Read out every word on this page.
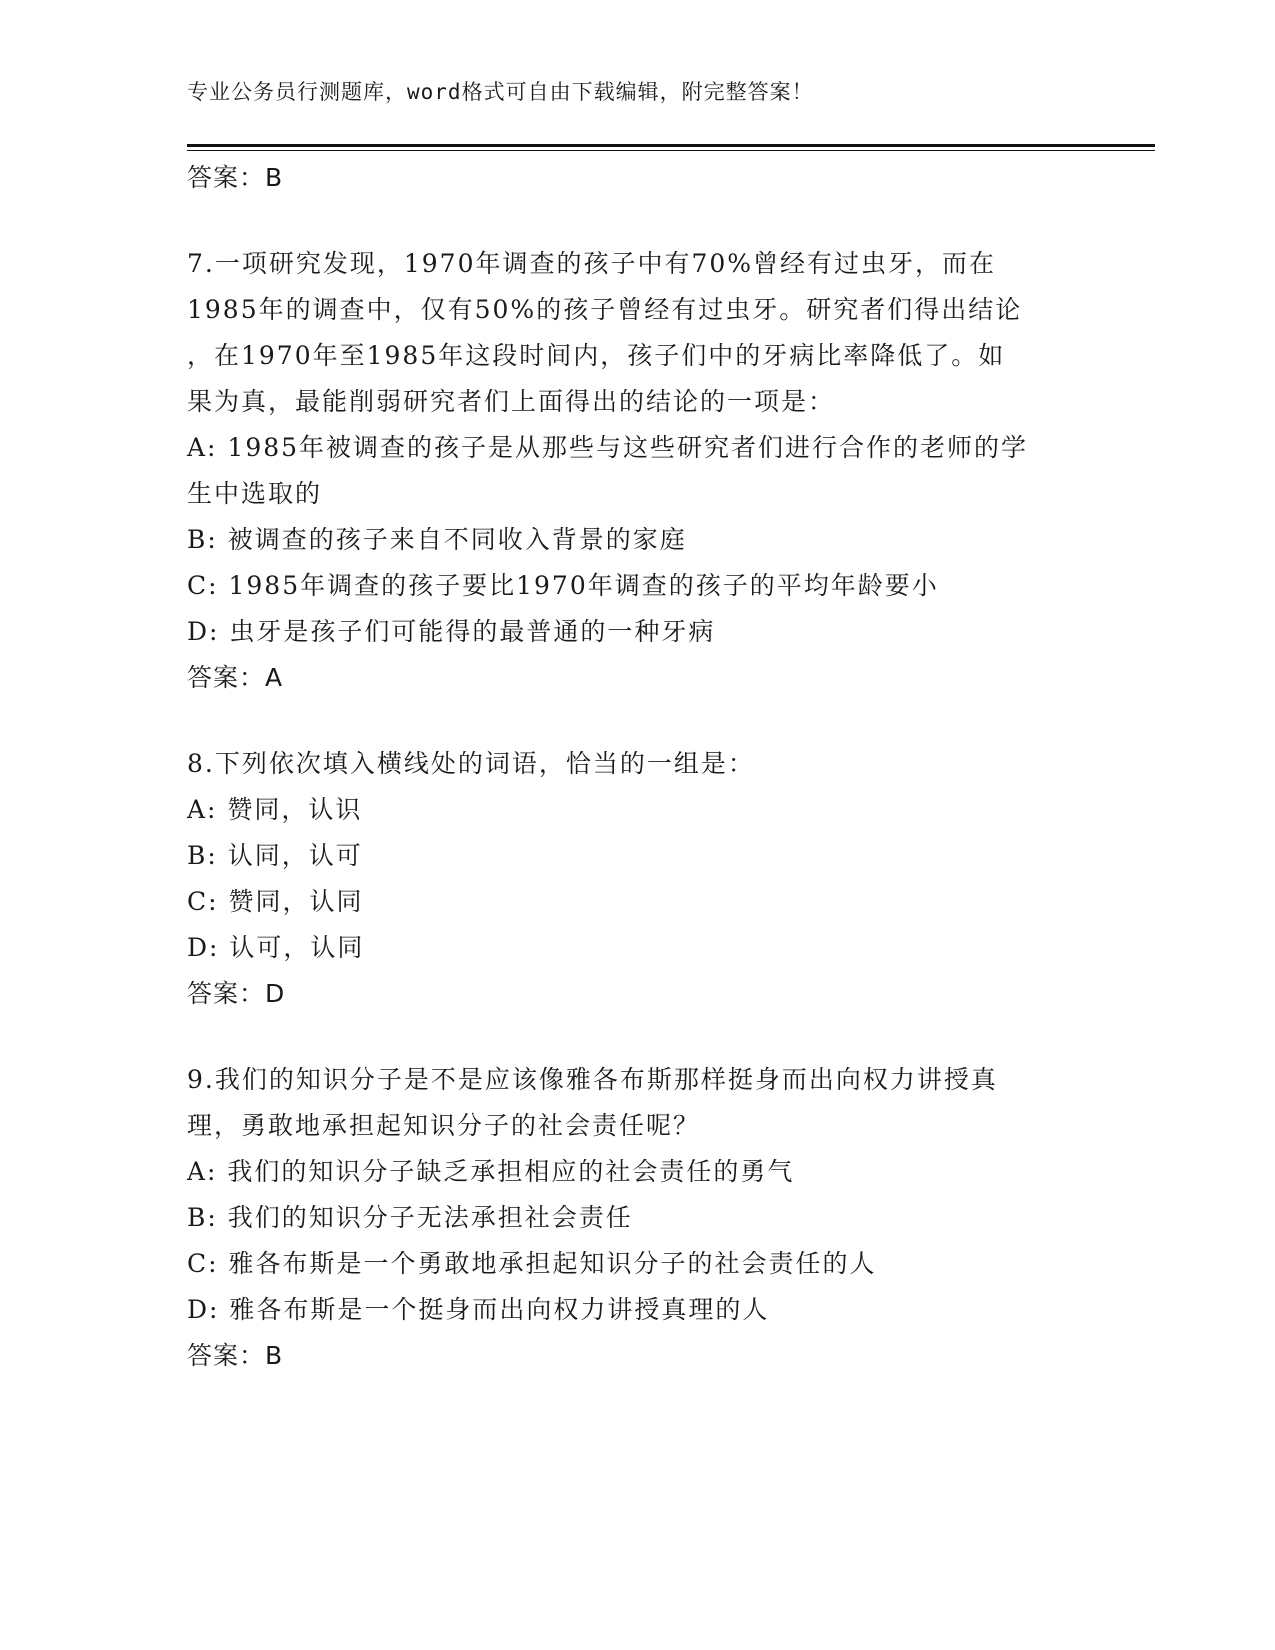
专业公务员行测题库，word格式可自由下载编辑，附完整答案！
答案：B
7.一项研究发现，1970年调查的孩子中有70%曾经有过虫牙，而在
1985年的调查中，仅有50%的孩子曾经有过虫牙。研究者们得出结论
，在1970年至1985年这段时间内，孩子们中的牙病比率降低了。如
果为真，最能削弱研究者们上面得出的结论的一项是：
A: 1985年被调查的孩子是从那些与这些研究者们进行合作的老师的学
生中选取的
B: 被调查的孩子来自不同收入背景的家庭
C: 1985年调查的孩子要比1970年调查的孩子的平均年龄要小
D: 虫牙是孩子们可能得的最普通的一种牙病
答案：A
8.下列依次填入横线处的词语，恰当的一组是：
A: 赞同，认识
B: 认同，认可
C: 赞同，认同
D: 认可，认同
答案：D
9.我们的知识分子是不是应该像雅各布斯那样挺身而出向权力讲授真
理，勇敢地承担起知识分子的社会责任呢？
A: 我们的知识分子缺乏承担相应的社会责任的勇气
B: 我们的知识分子无法承担社会责任
C: 雅各布斯是一个勇敢地承担起知识分子的社会责任的人
D: 雅各布斯是一个挺身而出向权力讲授真理的人
答案：B
